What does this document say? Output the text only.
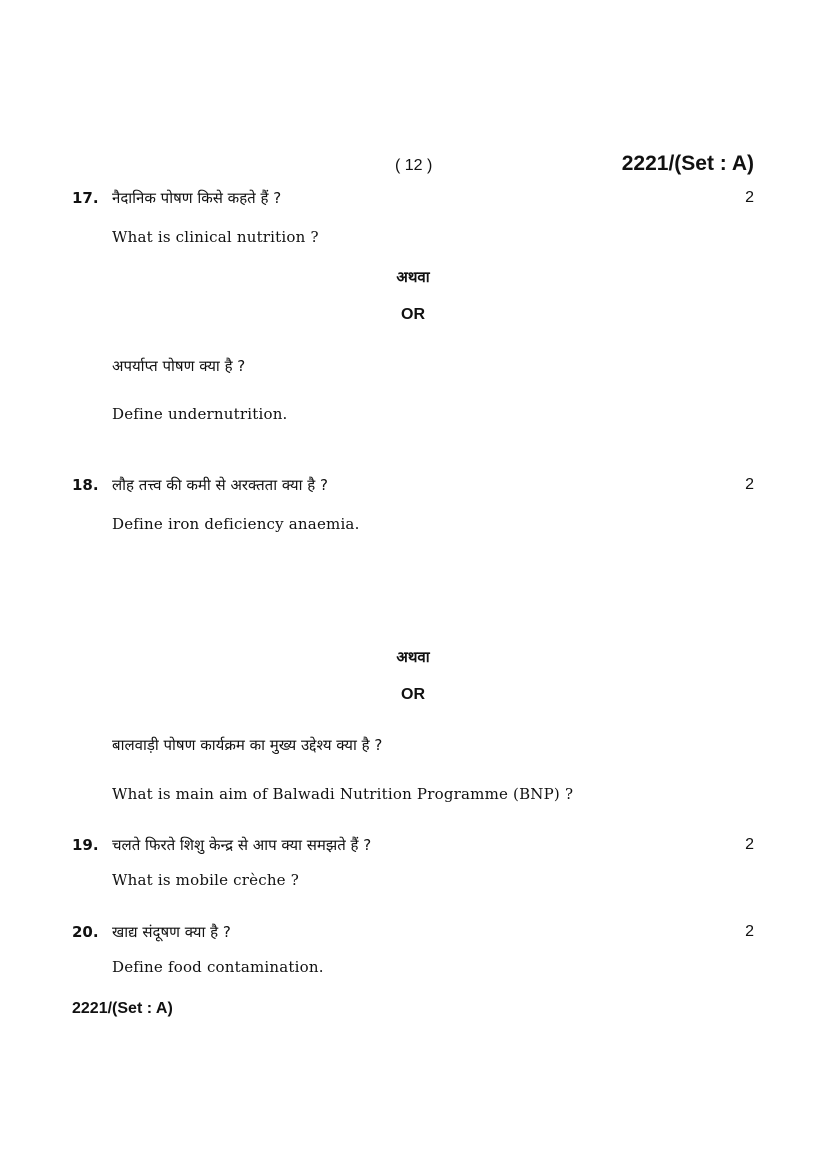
( 12 )	2221/(Set : A)
17. नैदानिक पोषण किसे कहते हैं ?	2
What is clinical nutrition ?
अथवा
OR
अपर्याप्त पोषण क्या है ?
Define undernutrition.
18. लौह तत्त्व की कमी से अरक्तता क्या है ?	2
Define iron deficiency anaemia.
अथवा
OR
बालवाड़ी पोषण कार्यक्रम का मुख्य उद्देश्य क्या है ?
What is main aim of Balwadi Nutrition Programme (BNP) ?
19. चलते फिरते शिशु केन्द्र से आप क्या समझते हैं ?	2
What is mobile crèche ?
20. खाद्य संदूषण क्या है ?	2
Define food contamination.
2221/(Set : A)
